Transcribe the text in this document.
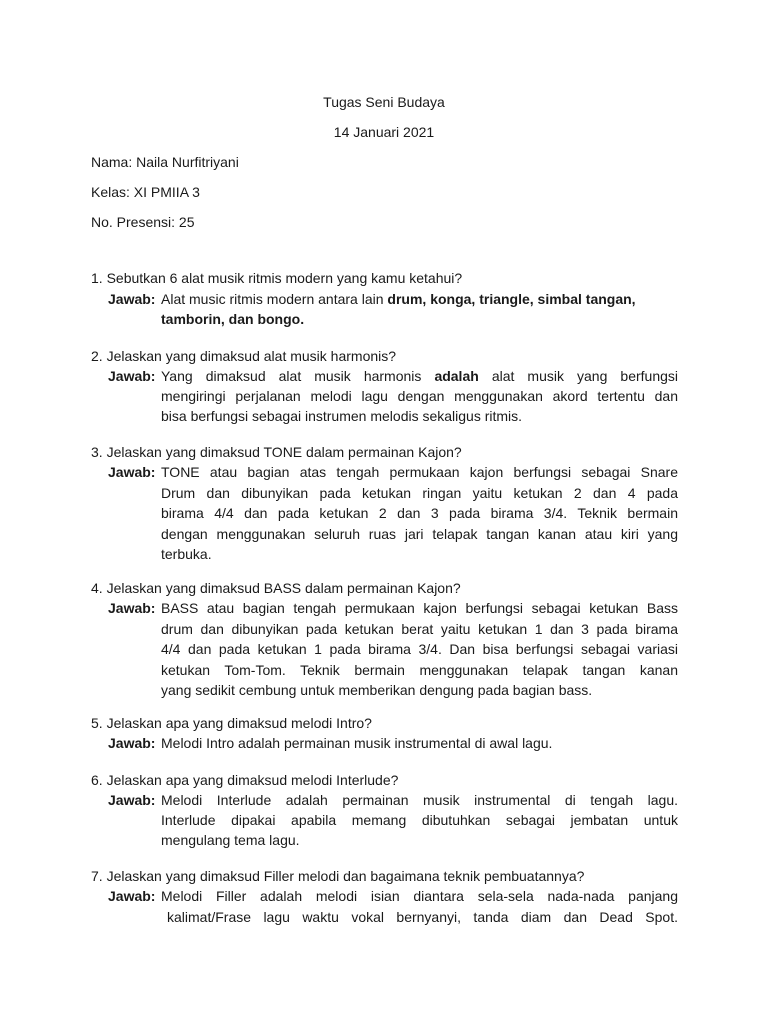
Tugas Seni Budaya
14 Januari 2021
Nama: Naila Nurfitriyani
Kelas: XI PMIIA 3
No. Presensi: 25
1. Sebutkan 6 alat musik ritmis modern yang kamu ketahui?
Jawab: Alat music ritmis modern antara lain drum, konga, triangle, simbal tangan,
tamborin, dan bongo.
2. Jelaskan yang dimaksud alat musik harmonis?
Jawab: Yang dimaksud alat musik harmonis adalah alat musik yang berfungsi
mengiringi perjalanan melodi lagu dengan menggunakan akord tertentu dan
bisa berfungsi sebagai instrumen melodis sekaligus ritmis.
3. Jelaskan yang dimaksud TONE dalam permainan Kajon?
Jawab: TONE atau bagian atas tengah permukaan kajon berfungsi sebagai Snare
Drum dan dibunyikan pada ketukan ringan yaitu ketukan 2 dan 4 pada
birama 4/4 dan pada ketukan 2 dan 3 pada birama 3/4. Teknik bermain
dengan menggunakan seluruh ruas jari telapak tangan kanan atau kiri yang
terbuka.
4. Jelaskan yang dimaksud BASS dalam permainan Kajon?
Jawab: BASS atau bagian tengah permukaan kajon berfungsi sebagai ketukan Bass
drum dan dibunyikan pada ketukan berat yaitu ketukan 1 dan 3 pada birama
4/4 dan pada ketukan 1 pada birama 3/4. Dan bisa berfungsi sebagai variasi
ketukan Tom-Tom. Teknik bermain menggunakan telapak tangan kanan
yang sedikit cembung untuk memberikan dengung pada bagian bass.
5. Jelaskan apa yang dimaksud melodi Intro?
Jawab: Melodi Intro adalah permainan musik instrumental di awal lagu.
6. Jelaskan apa yang dimaksud melodi Interlude?
Jawab: Melodi Interlude adalah permainan musik instrumental di tengah lagu.
Interlude dipakai apabila memang dibutuhkan sebagai jembatan untuk
mengulang tema lagu.
7. Jelaskan yang dimaksud Filler melodi dan bagaimana teknik pembuatannya?
Jawab: Melodi Filler adalah melodi isian diantara sela-sela nada-nada panjang
kalimat/Frase lagu waktu vokal bernyanyi, tanda diam dan Dead Spot.
